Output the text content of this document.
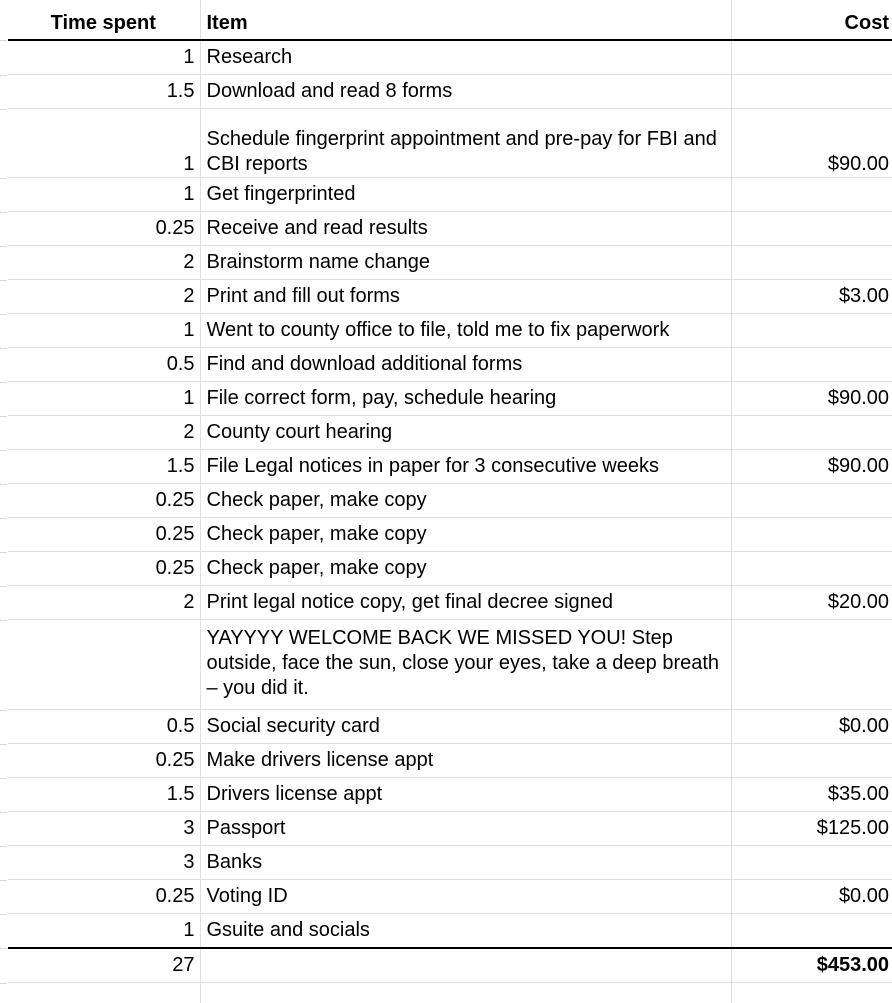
Time spent	Item	Cost
1	Research	
1.5	Download and read 8 forms	
1	Schedule fingerprint appointment and pre-pay for FBI and CBI reports	$90.00
1	Get fingerprinted	
0.25	Receive and read results	
2	Brainstorm name change	
2	Print and fill out forms	$3.00
1	Went to county office to file, told me to fix paperwork	
0.5	Find and download additional forms	
1	File correct form, pay, schedule hearing	$90.00
2	County court hearing	
1.5	File Legal notices in paper for 3 consecutive weeks	$90.00
0.25	Check paper, make copy	
0.25	Check paper, make copy	
0.25	Check paper, make copy	
2	Print legal notice copy, get final decree signed	$20.00
	YAYYYY WELCOME BACK WE MISSED YOU! Step outside, face the sun, close your eyes, take a deep breath – you did it.	
0.5	Social security card	$0.00
0.25	Make drivers license appt	
1.5	Drivers license appt	$35.00
3	Passport	$125.00
3	Banks	
0.25	Voting ID	$0.00
1	Gsuite and socials	
27		$453.00
